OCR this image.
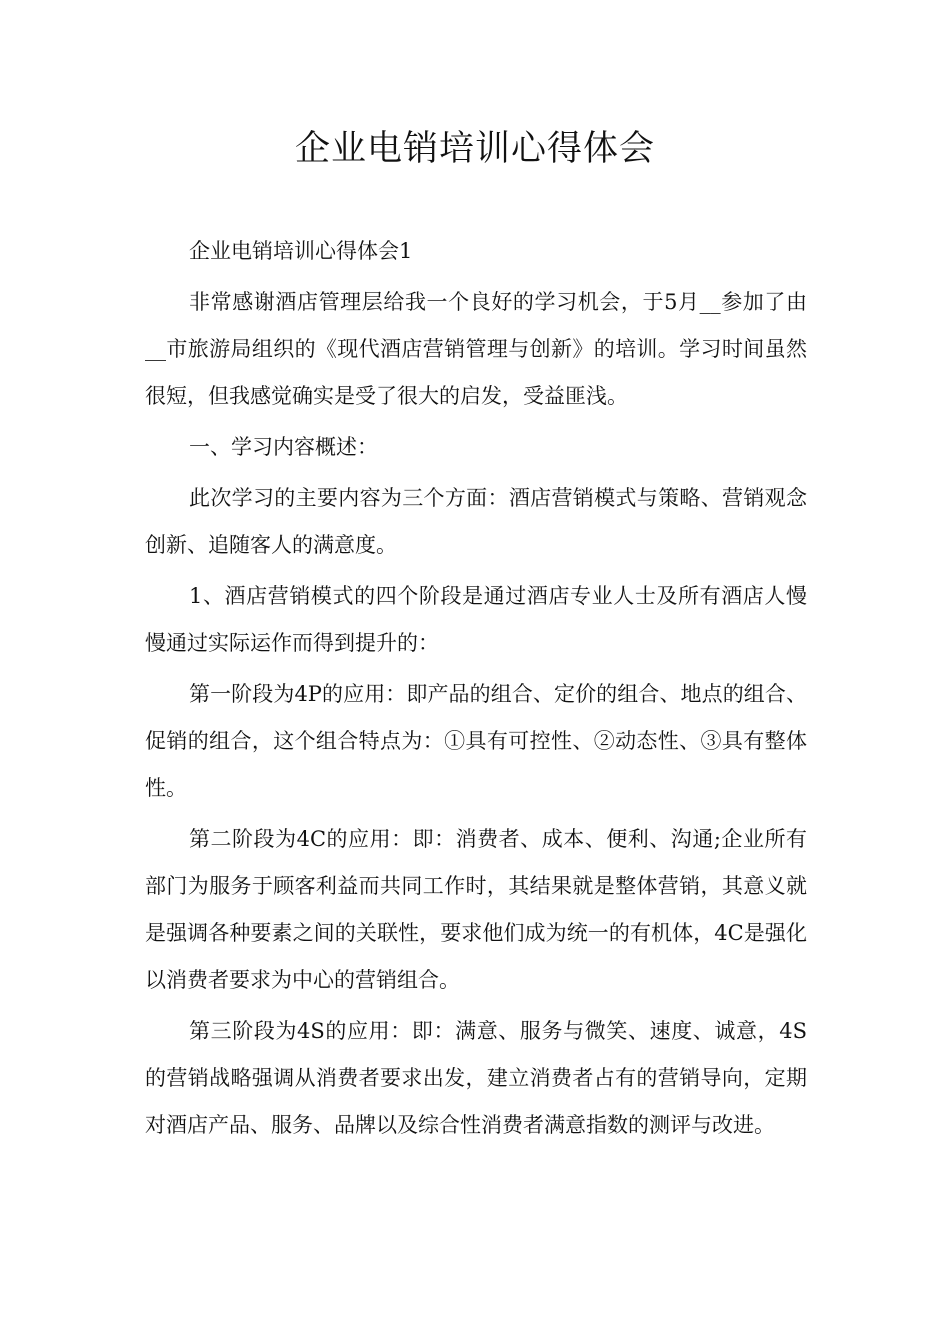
企业电销培训心得体会

企业电销培训心得体会1

非常感谢酒店管理层给我一个良好的学习机会，于5月__参加了由__市旅游局组织的《现代酒店营销管理与创新》的培训。学习时间虽然很短，但我感觉确实是受了很大的启发，受益匪浅。

一、学习内容概述：

此次学习的主要内容为三个方面：酒店营销模式与策略、营销观念创新、追随客人的满意度。

1、酒店营销模式的四个阶段是通过酒店专业人士及所有酒店人慢慢通过实际运作而得到提升的：

第一阶段为4P的应用：即产品的组合、定价的组合、地点的组合、促销的组合，这个组合特点为：①具有可控性、②动态性、③具有整体性。

第二阶段为4C的应用：即：消费者、成本、便利、沟通;企业所有部门为服务于顾客利益而共同工作时，其结果就是整体营销，其意义就是强调各种要素之间的关联性，要求他们成为统一的有机体，4C是强化以消费者要求为中心的营销组合。

第三阶段为4S的应用：即：满意、服务与微笑、速度、诚意，4S的营销战略强调从消费者要求出发，建立消费者占有的营销导向，定期对酒店产品、服务、品牌以及综合性消费者满意指数的测评与改进。
